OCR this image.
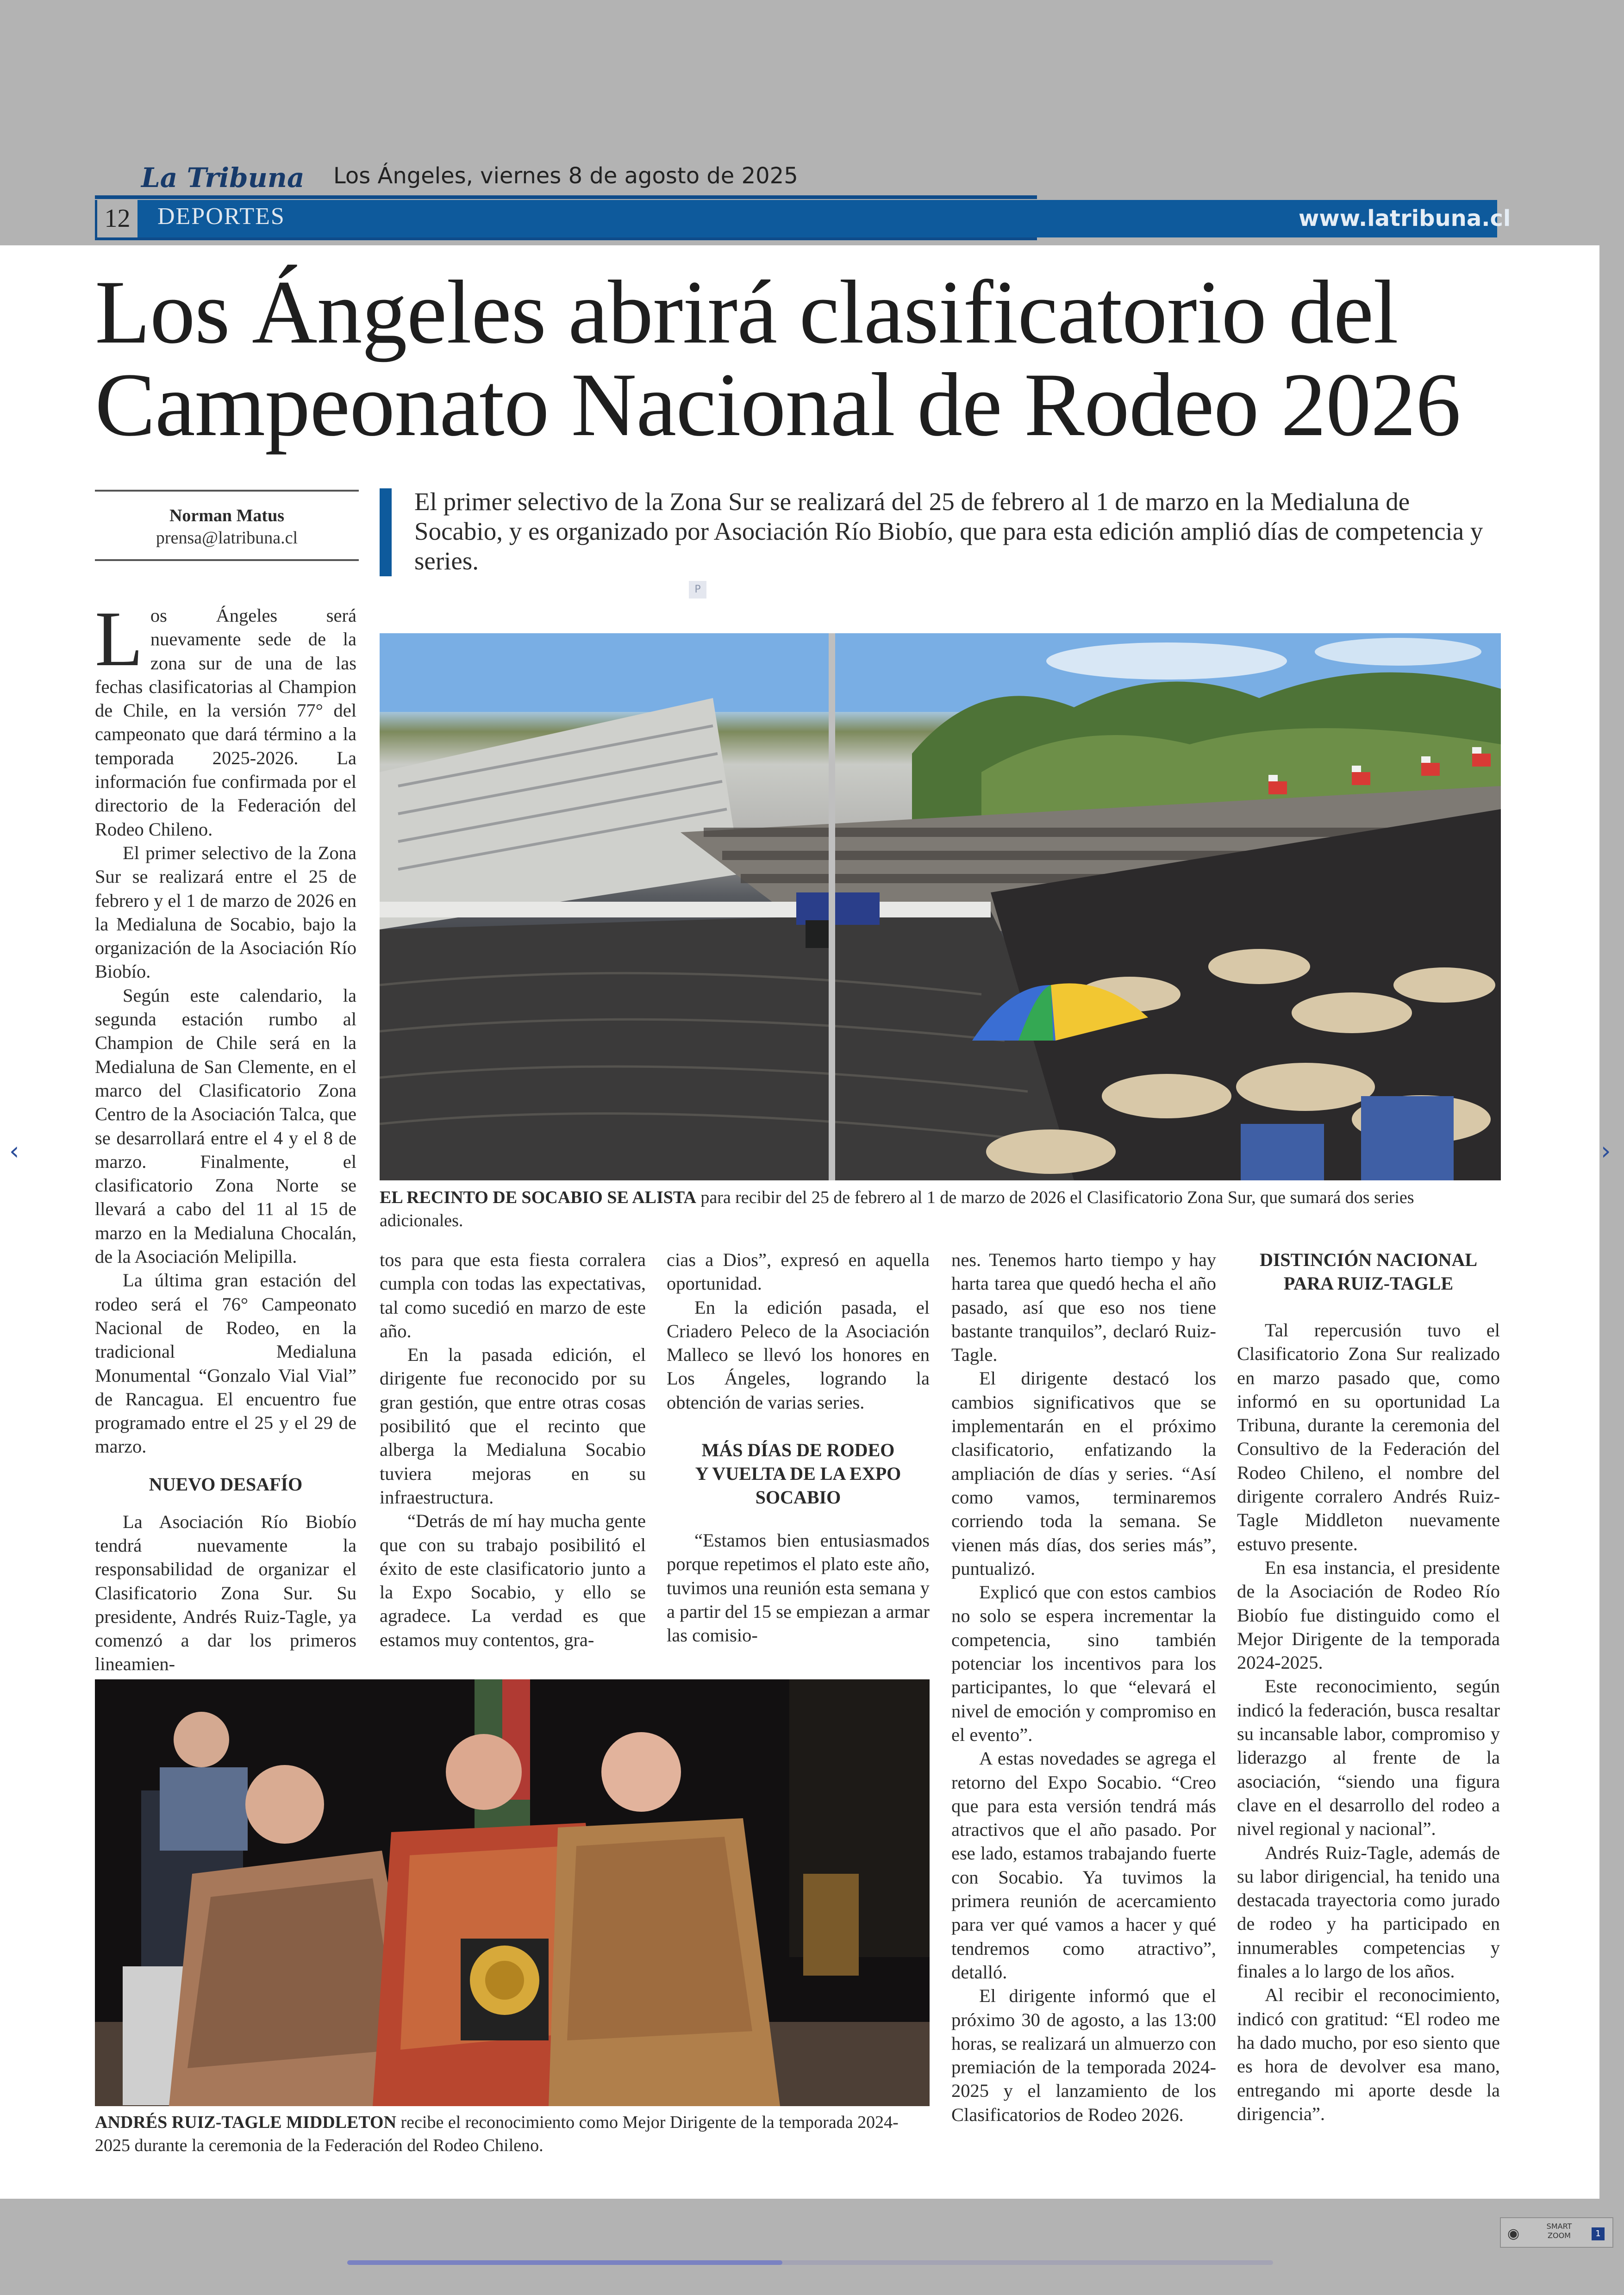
La Tribuna Los Ángeles, viernes 8 de agosto de 2025
12 DEPORTES	www.latribuna.cl
Los Ángeles abrirá clasificatorio del
Campeonato Nacional de Rodeo 2026
Norman Matus
prensa@latribuna.cl
El primer selectivo de la Zona Sur se realizará del 25 de febrero al 1 de marzo en la Medialuna de Socabio, y es organizado por Asociación Río Biobío, que para esta edición amplió días de competencia y series.
P
EL RECINTO DE SOCABIO SE ALISTA para recibir del 25 de febrero al 1 de marzo de 2026 el Clasificatorio Zona Sur, que sumará dos series adicionales.
ANDRÉS RUIZ-TAGLE MIDDLETON recibe el reconocimiento como Mejor Dirigente de la temporada 2024-2025 durante la ceremonia de la Federación del Rodeo Chileno.

Los Ángeles será nuevamente sede de la zona sur de una de las fechas clasificatorias al Champion de Chile, en la versión 77° del campeonato que dará término a la temporada 2025-2026. La información fue confirmada por el directorio de la Federación del Rodeo Chileno.

El primer selectivo de la Zona Sur se realizará entre el 25 de febrero y el 1 de marzo de 2026 en la Medialuna de Socabio, bajo la organización de la Asociación Río Biobío.

Según este calendario, la segunda estación rumbo al Champion de Chile será en la Medialuna de San Clemente, en el marco del Clasificatorio Zona Centro de la Asociación Talca, que se desarrollará entre el 4 y el 8 de marzo. Finalmente, el clasificatorio Zona Norte se llevará a cabo del 11 al 15 de marzo en la Medialuna Chocalán, de la Asociación Melipilla.

La última gran estación del rodeo será el 76° Campeonato Nacional de Rodeo, en la tradicional Medialuna Monumental “Gonzalo Vial Vial” de Rancagua. El encuentro fue programado entre el 25 y el 29 de marzo.

NUEVO DESAFÍO

La Asociación Río Biobío tendrá nuevamente la responsabilidad de organizar el Clasificatorio Zona Sur. Su presidente, Andrés Ruiz-Tagle, ya comenzó a dar los primeros lineamien-

tos para que esta fiesta corralera cumpla con todas las expectativas, tal como sucedió en marzo de este año.

En la pasada edición, el dirigente fue reconocido por su gran gestión, que entre otras cosas posibilitó que el recinto que alberga la Medialuna Socabio tuviera mejoras en su infraestructura.

“Detrás de mí hay mucha gente que con su trabajo posibilitó el éxito de este clasificatorio junto a la Expo Socabio, y ello se agradece. La verdad es que estamos muy contentos, gra-

cias a Dios”, expresó en aquella oportunidad.

En la edición pasada, el Criadero Peleco de la Asociación Malleco se llevó los honores en Los Ángeles, logrando la obtención de varias series.

MÁS DÍAS DE RODEO
Y VUELTA DE LA EXPO
SOCABIO

“Estamos bien entusiasmados porque repetimos el plato este año, tuvimos una reunión esta semana y a partir del 15 se empiezan a armar las comisio-

nes. Tenemos harto tiempo y hay harta tarea que quedó hecha el año pasado, así que eso nos tiene bastante tranquilos”, declaró Ruiz-Tagle.

El dirigente destacó los cambios significativos que se implementarán en el próximo clasificatorio, enfatizando la ampliación de días y series. “Así como vamos, terminaremos corriendo toda la semana. Se vienen más días, dos series más”, puntualizó.

Explicó que con estos cambios no solo se espera incrementar la competencia, sino también potenciar los incentivos para los participantes, lo que “elevará el nivel de emoción y compromiso en el evento”.

A estas novedades se agrega el retorno del Expo Socabio. “Creo que para esta versión tendrá más atractivos que el año pasado. Por ese lado, estamos trabajando fuerte con Socabio. Ya tuvimos la primera reunión de acercamiento para ver qué vamos a hacer y qué tendremos como atractivo”, detalló.

El dirigente informó que el próximo 30 de agosto, a las 13:00 horas, se realizará un almuerzo con premiación de la temporada 2024-2025 y el lanzamiento de los Clasificatorios de Rodeo 2026.

DISTINCIÓN NACIONAL
PARA RUIZ-TAGLE

Tal repercusión tuvo el Clasificatorio Zona Sur realizado en marzo pasado que, como informó en su oportunidad La Tribuna, durante la ceremonia del Consultivo de la Federación del Rodeo Chileno, el nombre del dirigente corralero Andrés Ruiz-Tagle Middleton nuevamente estuvo presente.

En esa instancia, el presidente de la Asociación de Rodeo Río Biobío fue distinguido como el Mejor Dirigente de la temporada 2024-2025.

Este reconocimiento, según indicó la federación, busca resaltar su incansable labor, compromiso y liderazgo al frente de la asociación, “siendo una figura clave en el desarrollo del rodeo a nivel regional y nacional”.

Andrés Ruiz-Tagle, además de su labor dirigencial, ha tenido una destacada trayectoria como jurado de rodeo y ha participado en innumerables competencias y finales a lo largo de los años.

Al recibir el reconocimiento, indicó con gratitud: “El rodeo me ha dado mucho, por eso siento que es hora de devolver esa mano, entregando mi aporte desde la dirigencia”.

‹	›
◉	SMART
ZOOM	1
